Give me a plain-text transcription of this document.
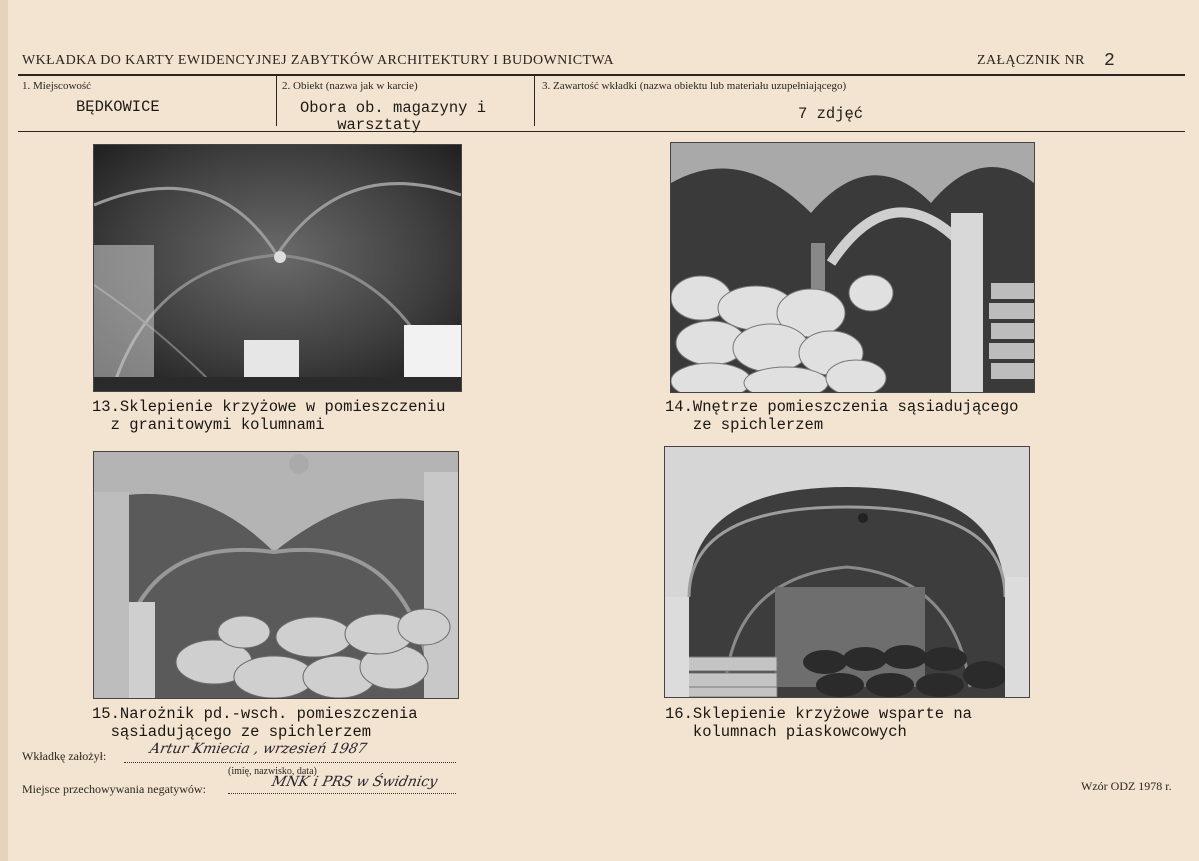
WKŁADKA DO KARTY EWIDENCYJNEJ ZABYTKÓW ARCHITEKTURY I BUDOWNICTWA	ZAŁĄCZNIK NR 2
1. Miejscowość
BĘDKOWICE
2. Obiekt (nazwa jak w karcie)
Obora ob. magazyny i
warsztaty
3. Zawartość wkładki (nazwa obiektu lub materiału uzupełniającego)
7 zdjęć
13.Sklepienie krzyżowe w pomieszczeniu
z granitowymi kolumnami
14.Wnętrze pomieszczenia sąsiadującego
ze spichlerzem
15.Narożnik pd.-wsch. pomieszczenia
sąsiadującego ze spichlerzem
16.Sklepienie krzyżowe wsparte na
kolumnach piaskowcowych
Wkładkę założył:	Artur Kmiecia , wrzesień 1987
(imię, nazwisko, data)
Miejsce przechowywania negatywów:	MNK i PRS w Świdnicy	Wzór ODZ 1978 r.
